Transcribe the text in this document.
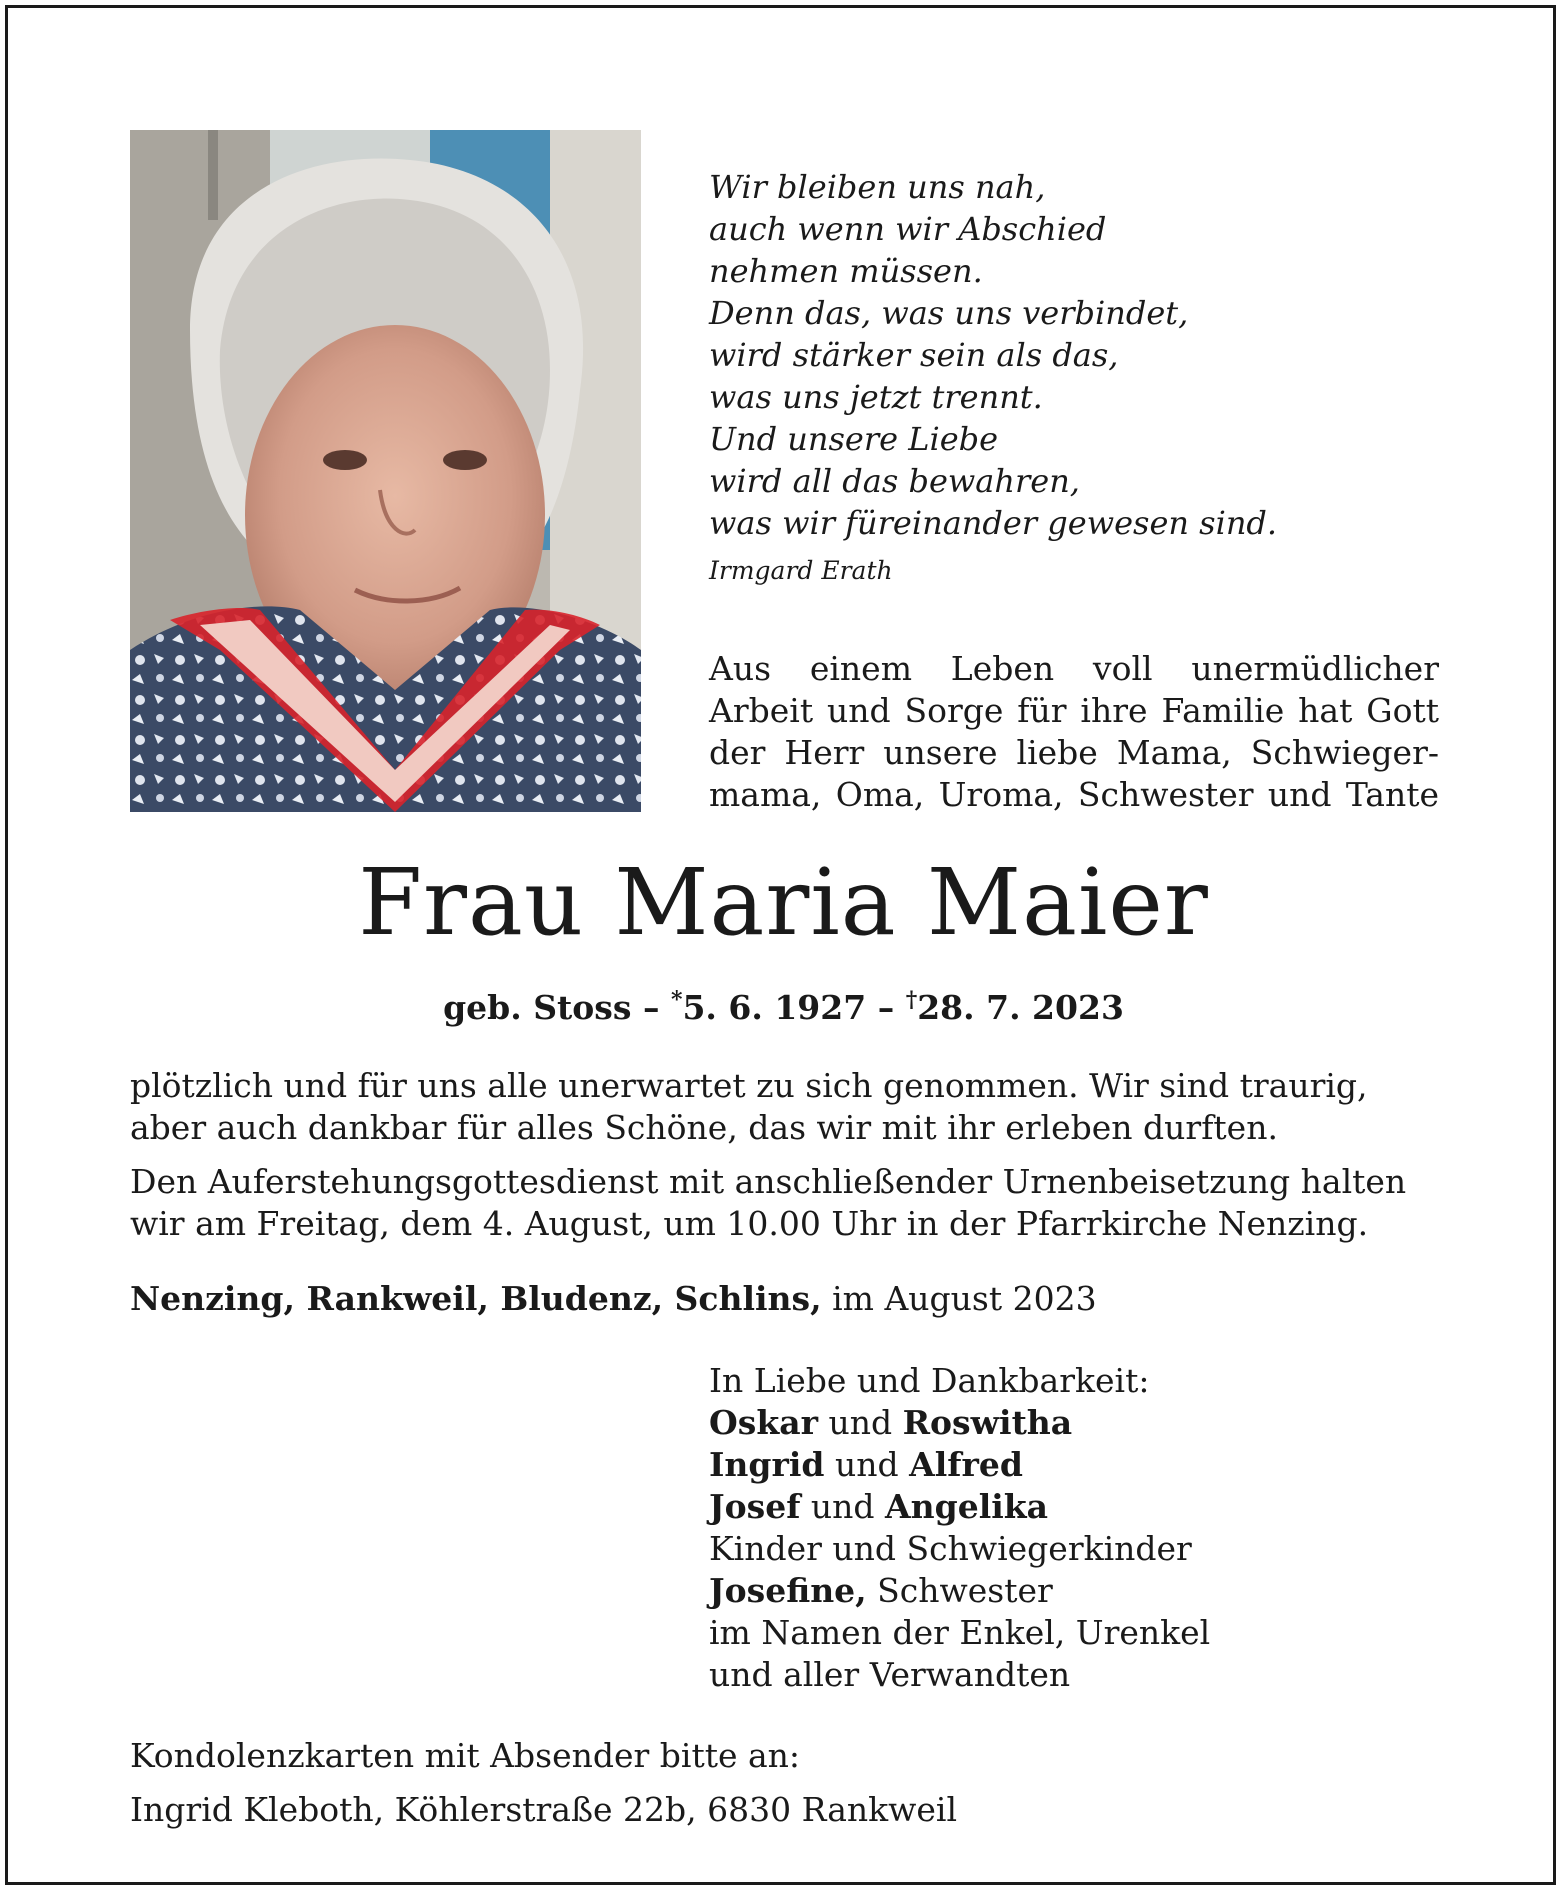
Wir bleiben uns nah,
auch wenn wir Abschied
nehmen müssen.
Denn das, was uns verbindet,
wird stärker sein als das,
was uns jetzt trennt.
Und unsere Liebe
wird all das bewahren,
was wir füreinander gewesen sind.
Irmgard Erath
Aus einem Leben voll unermüdlicher
Arbeit und Sorge für ihre Familie hat Gott
der Herr unsere liebe Mama, Schwieger-
mama, Oma, Uroma, Schwester und Tante
Frau Maria Maier
geb. Stoss – *5. 6. 1927 – †28. 7. 2023
plötzlich und für uns alle unerwartet zu sich genommen. Wir sind traurig,
aber auch dankbar für alles Schöne, das wir mit ihr erleben durften.
Den Auferstehungsgottesdienst mit anschließender Urnenbeisetzung halten
wir am Freitag, dem 4. August, um 10.00 Uhr in der Pfarrkirche Nenzing.
Nenzing, Rankweil, Bludenz, Schlins, im August 2023
In Liebe und Dankbarkeit:
Oskar und Roswitha
Ingrid und Alfred
Josef und Angelika
Kinder und Schwiegerkinder
Josefine, Schwester
im Namen der Enkel, Urenkel
und aller Verwandten
Kondolenzkarten mit Absender bitte an:
Ingrid Kleboth, Köhlerstraße 22b, 6830 Rankweil
